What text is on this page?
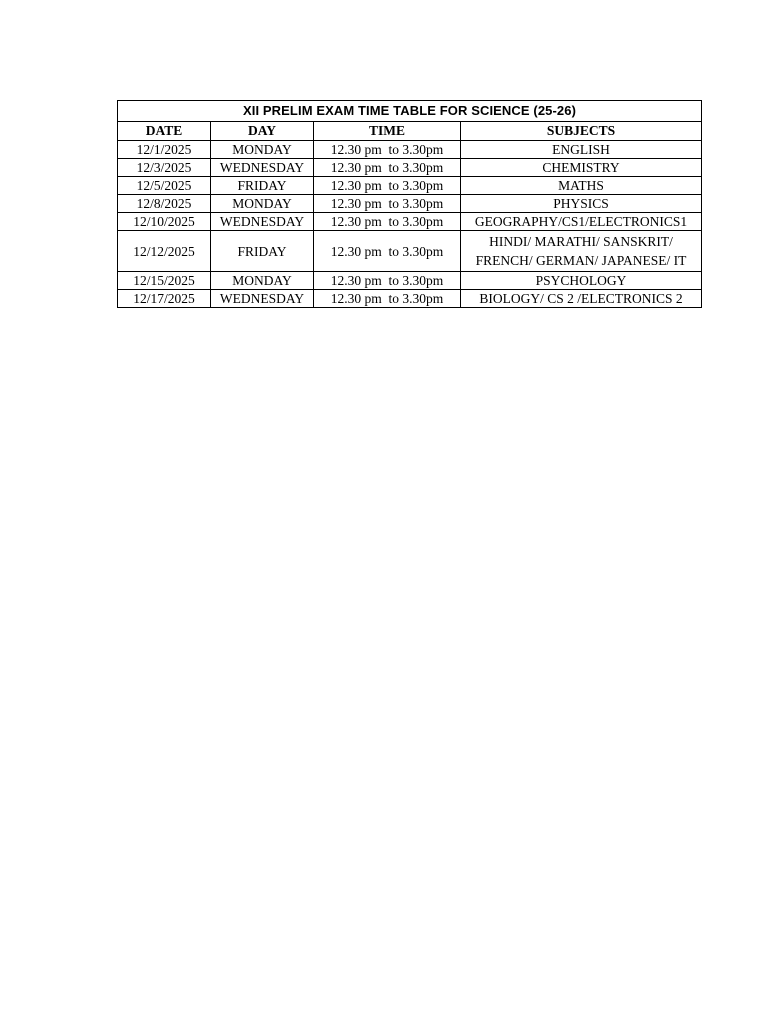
XII PRELIM EXAM TIME TABLE FOR SCIENCE (25-26)			
DATE	DAY	TIME	SUBJECTS
12/1/2025	MONDAY	12.30 pm  to 3.30pm	ENGLISH
12/3/2025	WEDNESDAY	12.30 pm  to 3.30pm	CHEMISTRY
12/5/2025	FRIDAY	12.30 pm  to 3.30pm	MATHS
12/8/2025	MONDAY	12.30 pm  to 3.30pm	PHYSICS
12/10/2025	WEDNESDAY	12.30 pm  to 3.30pm	GEOGRAPHY/CS1/ELECTRONICS1
12/12/2025	FRIDAY	12.30 pm  to 3.30pm	HINDI/ MARATHI/ SANSKRIT/
FRENCH/ GERMAN/ JAPANESE/ IT

12/15/2025	MONDAY	12.30 pm  to 3.30pm	PSYCHOLOGY
12/17/2025	WEDNESDAY	12.30 pm  to 3.30pm	BIOLOGY/ CS 2 /ELECTRONICS 2
